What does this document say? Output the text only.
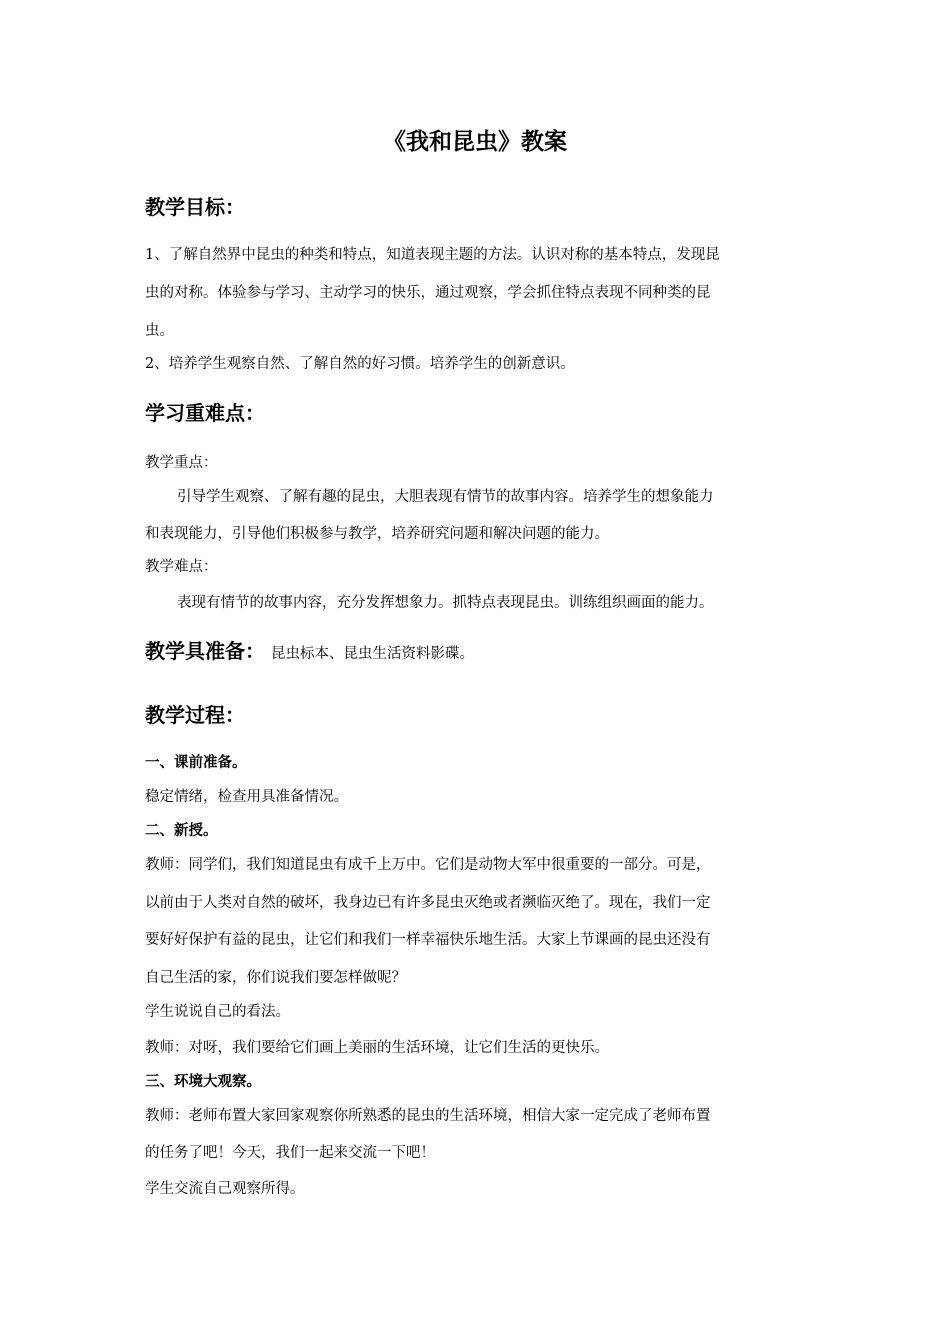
《我和昆虫》教案
教学目标：
1、了解自然界中昆虫的种类和特点，知道表现主题的方法。认识对称的基本特点，发现昆
虫的对称。体验参与学习、主动学习的快乐，通过观察，学会抓住特点表现不同种类的昆
虫。
2、培养学生观察自然、了解自然的好习惯。培养学生的创新意识。
学习重难点：
教学重点：
引导学生观察、了解有趣的昆虫，大胆表现有情节的故事内容。培养学生的想象能力
和表现能力，引导他们积极参与教学，培养研究问题和解决问题的能力。
教学难点：
表现有情节的故事内容，充分发挥想象力。抓特点表现昆虫。训练组织画面的能力。
教学具准备： 昆虫标本、昆虫生活资料影碟。
教学过程：
一、课前准备。
稳定情绪，检查用具准备情况。
二、新授。
教师：同学们，我们知道昆虫有成千上万中。它们是动物大军中很重要的一部分。可是，
以前由于人类对自然的破坏，我身边已有许多昆虫灭绝或者濒临灭绝了。现在，我们一定
要好好保护有益的昆虫，让它们和我们一样幸福快乐地生活。大家上节课画的昆虫还没有
自己生活的家，你们说我们要怎样做呢？
学生说说自己的看法。
教师：对呀，我们要给它们画上美丽的生活环境，让它们生活的更快乐。
三、环境大观察。
教师：老师布置大家回家观察你所熟悉的昆虫的生活环境，相信大家一定完成了老师布置
的任务了吧！今天，我们一起来交流一下吧！
学生交流自己观察所得。
